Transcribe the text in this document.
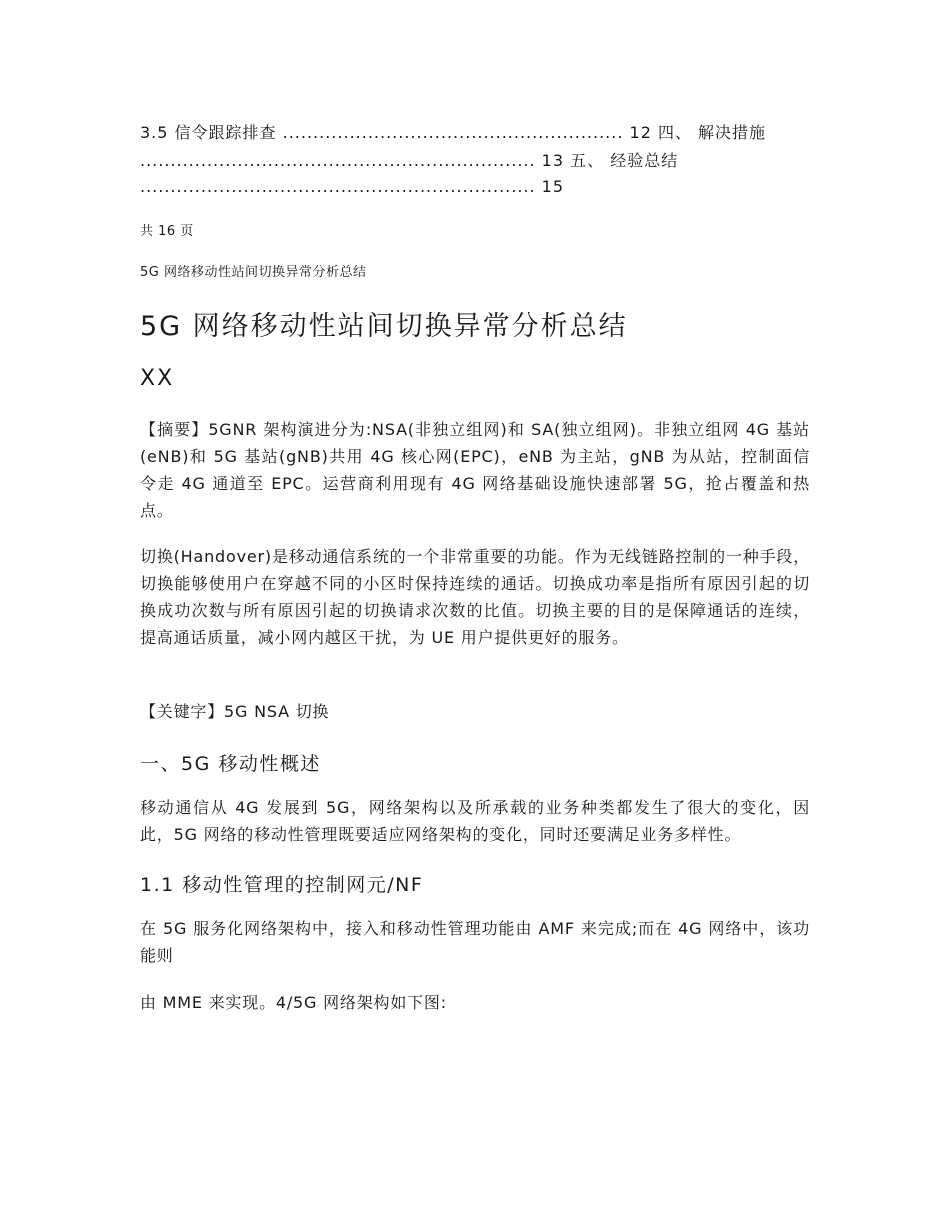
3.5 信令跟踪排查 ........................................................ 12 四、 解决措施
................................................................. 13 五、 经验总结
................................................................. 15
共 16 页
5G 网络移动性站间切换异常分析总结
5G 网络移动性站间切换异常分析总结
XX

【摘要】5GNR 架构演进分为:NSA(非独立组网)和 SA(独立组网)。非独立组网 4G 基站(eNB)和 5G 基站(gNB)共用 4G 核心网(EPC)，eNB 为主站，gNB 为从站，控制面信令走 4G 通道至 EPC。运营商利用现有 4G 网络基础设施快速部署 5G，抢占覆盖和热点。

切换(Handover)是移动通信系统的一个非常重要的功能。作为无线链路控制的一种手段，切换能够使用户在穿越不同的小区时保持连续的通话。切换成功率是指所有原因引起的切换成功次数与所有原因引起的切换请求次数的比值。切换主要的目的是保障通话的连续，提高通话质量，减小网内越区干扰，为 UE 用户提供更好的服务。

【关键字】5G NSA 切换

一、5G 移动性概述

移动通信从 4G 发展到 5G，网络架构以及所承载的业务种类都发生了很大的变化，因此，5G 网络的移动性管理既要适应网络架构的变化，同时还要满足业务多样性。

1.1 移动性管理的控制网元/NF

在 5G 服务化网络架构中，接入和移动性管理功能由 AMF 来完成;而在 4G 网络中，该功能则

由 MME 来实现。4/5G 网络架构如下图:
